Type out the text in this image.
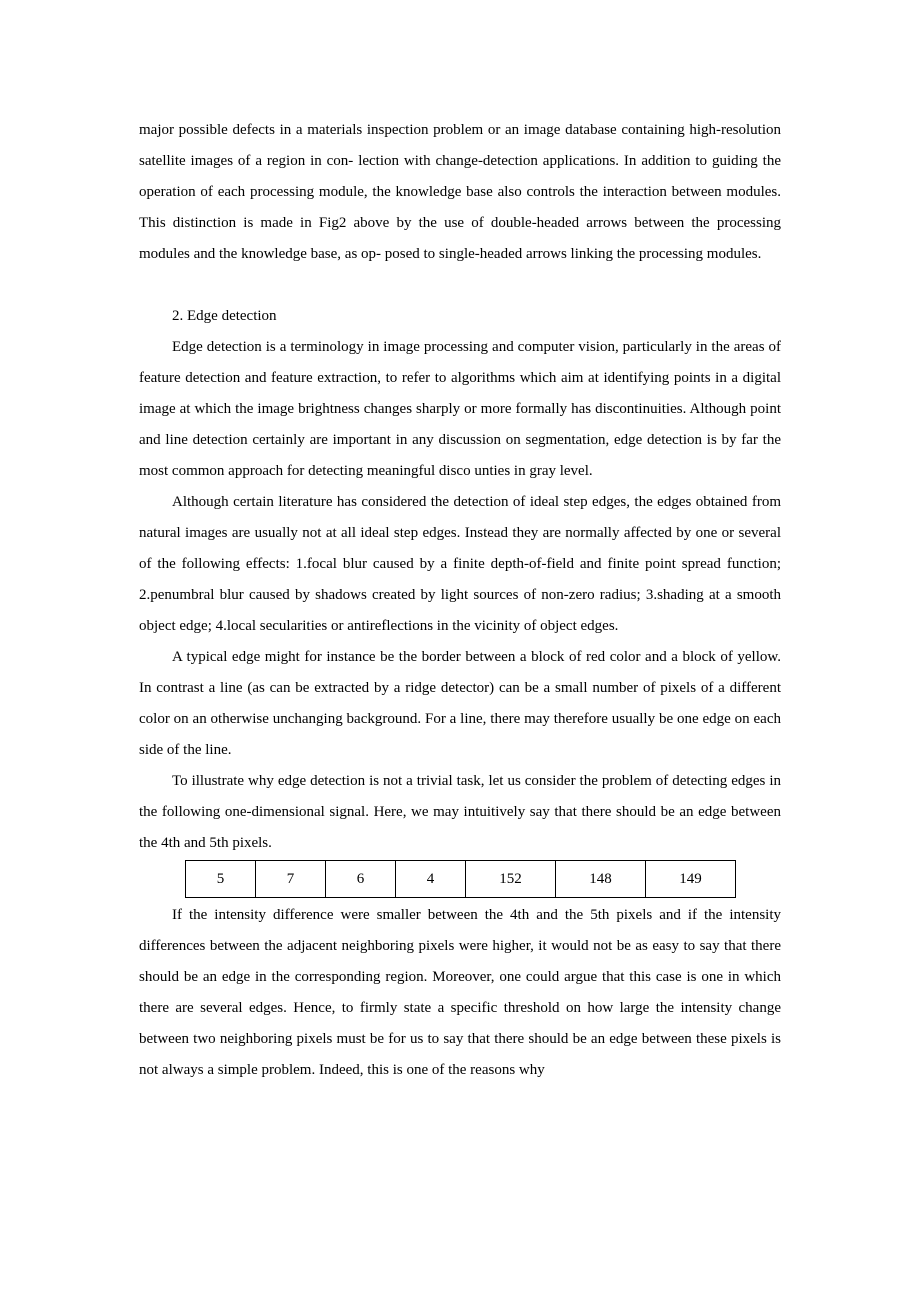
major possible defects in a materials inspection problem or an image database containing high-resolution satellite images of a region in con- lection with change-detection applications. In addition to guiding the operation of each processing module, the knowledge base also controls the interaction between modules. This distinction is made in Fig2 above by the use of double-headed arrows between the processing modules and the knowledge base, as op- posed to single-headed arrows linking the processing modules.

2. Edge detection

Edge detection is a terminology in image processing and computer vision, particularly in the areas of feature detection and feature extraction, to refer to algorithms which aim at identifying points in a digital image at which the image brightness changes sharply or more formally has discontinuities. Although point and line detection certainly are important in any discussion on segmentation, edge detection is by far the most common approach for detecting meaningful disco unties in gray level.

Although certain literature has considered the detection of ideal step edges, the edges obtained from natural images are usually not at all ideal step edges. Instead they are normally affected by one or several of the following effects: 1.focal blur caused by a finite depth-of-field and finite point spread function; 2.penumbral blur caused by shadows created by light sources of non-zero radius; 3.shading at a smooth object edge; 4.local secularities or antireflections in the vicinity of object edges.

A typical edge might for instance be the border between a block of red color and a block of yellow. In contrast a line (as can be extracted by a ridge detector) can be a small number of pixels of a different color on an otherwise unchanging background. For a line, there may therefore usually be one edge on each side of the line.

To illustrate why edge detection is not a trivial task, let us consider the problem of detecting edges in the following one-dimensional signal. Here, we may intuitively say that there should be an edge between the 4th and 5th pixels.

5	7	6	4	152	148	149

If the intensity difference were smaller between the 4th and the 5th pixels and if the intensity differences between the adjacent neighboring pixels were higher, it would not be as easy to say that there should be an edge in the corresponding region. Moreover, one could argue that this case is one in which there are several edges. Hence, to firmly state a specific threshold on how large the intensity change between two neighboring pixels must be for us to say that there should be an edge between these pixels is not always a simple problem. Indeed, this is one of the reasons why
